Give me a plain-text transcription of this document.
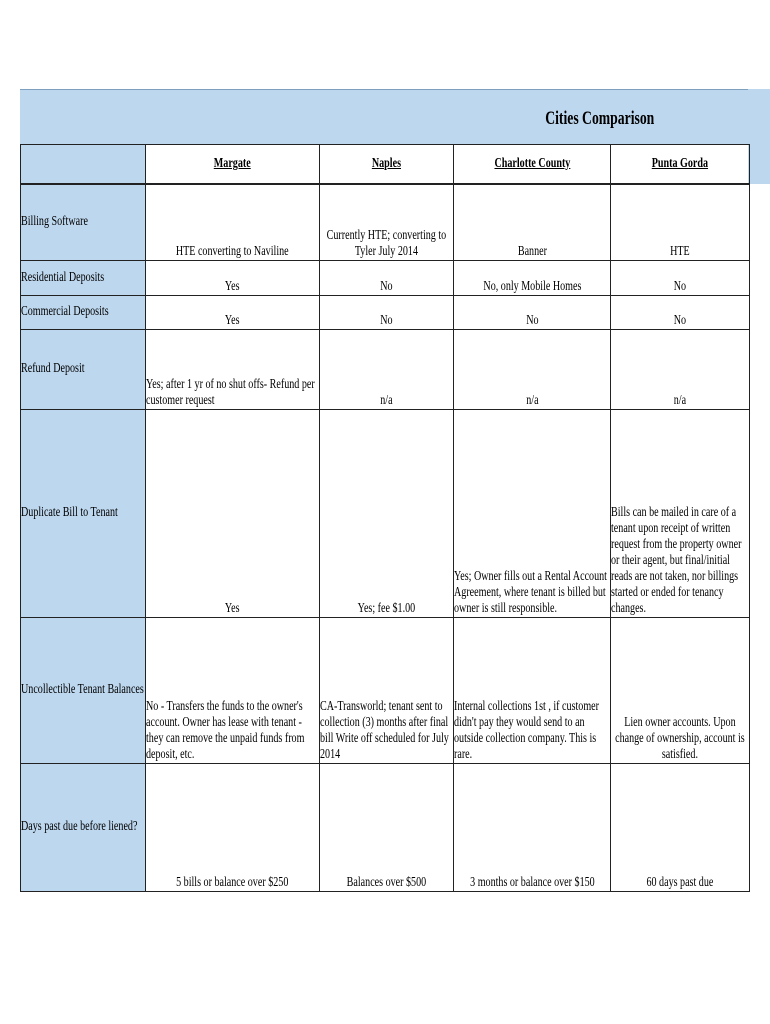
Cities Comparison

	Margate	Naples	Charlotte County	Punta Gorda

Billing Software	HTE converting to Naviline	Currently HTE; converting to Tyler July 2014	Banner	HTE

Residential Deposits	Yes	No	No, only Mobile Homes	No

Commercial Deposits	Yes	No	No	No

Refund Deposit	Yes; after 1 yr of no shut offs- Refund per customer request	n/a	n/a	n/a

Duplicate Bill to Tenant	Yes	Yes; fee $1.00	Yes; Owner fills out a Rental Account Agreement, where tenant is billed but owner is still responsible.	Bills can be mailed in care of a tenant upon receipt of written request from the property owner or their agent, but final/initial reads are not taken, nor billings started or ended for tenancy changes.

Uncollectible Tenant Balances	No - Transfers the funds to the owner's account. Owner has lease with tenant - they can remove the unpaid funds from deposit, etc.	CA-Transworld; tenant sent to collection (3) months after final bill Write off scheduled for July 2014	Internal collections 1st , if customer didn't pay they would send to an outside collection company. This is rare.	Lien owner accounts. Upon change of ownership, account is satisfied.

Days past due before liened?	5 bills or balance over $250	Balances over $500	3 months or balance over $150	60 days past due
